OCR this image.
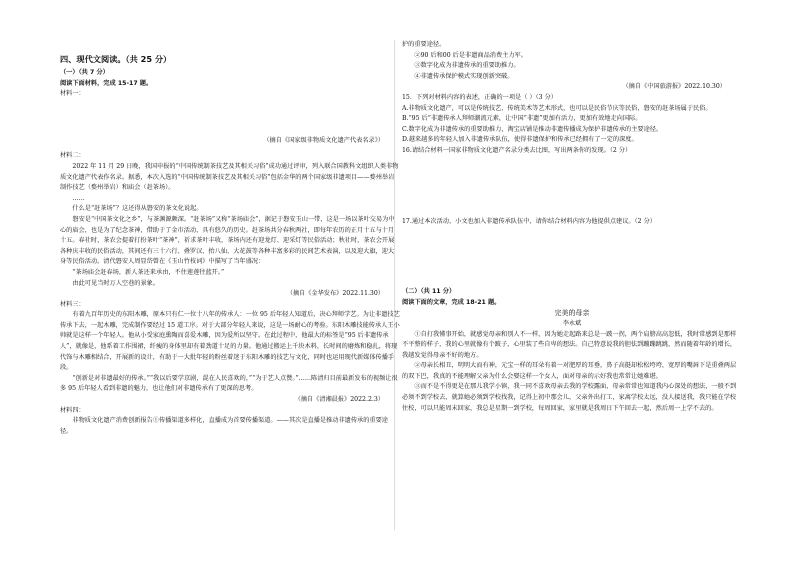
四、现代文阅读。（共 25 分）

（一）（共 7 分）

阅读下面材料，完成 15-17 题。

材料一：

（摘自《国家级非物质文化遗产代表名录》）

材料二：

2022 年 11 月 29 日晚，我国申报的“中国传统制茶技艺及其相关习俗”成功通过评审，列入联合国教科文组织人类非物质文化遗产代表作名录。据悉，本次入选的“中国传统制茶技艺及其相关习俗”包括金华的两个国家级非遗项目——婺州举岩制作技艺（婺州举岩）和庙会（赶茶场）。

……

什么是“赶茶场”？这还得从磐安的茶文化说起。

磐安是“中国茶文化之乡”，与茶渊源颇深。“赶茶场”又称“茶场庙会”，据记于磐安玉山一带，这是一场以茶叶交易为中心的庙会，也是为了纪念茶神，借助于了金市活动，具有悠久的历史。赶茶场共分春秋两社，即每年农历的正月十五与十月十五。春社时，茶农会提着打扮茶叶“茶神”，祈求茶叶丰收，茶场内还有迎龙灯、迎采灯等民俗活动；秋社时，茶农会开展各种庆丰收的民俗活动，其间还有三十六行、叠罗汉、抬八仙、大花鼓等各种丰富多彩的民间艺术表演，以及迎大旗，迎大身等民俗活动。清代磐安人周显岱曾在《玉山竹枝词》中描写了当年盛况：

“茶场庙会赶春场，新人茶还来承由，不住莲莲往蓝开。”

由此可见当时万人空巷的景象。

（摘自《金华发布》2022.11.30）

材料三：

有着九百年历史的东阳木雕，原本只有仁一位十八年的传承人：一位 95 后年轻人知道后，决心拜师学艺。为让非遗技艺传承下去，一起木雕，完成制作要经过 15 道工序。对于大部分年轻人来说，这是一场耐心的考验。东阳木雕技能传承人王小帅就是这样一个年轻人。他从小受家庭熏陶而喜爱木雕，因为爱所以坚守。在此过程中，他最大的标签是“95 后非遗传承人”，就像是，他系着工作围裙，纤瘦的身体里却有着劲道十足的力量。他通过搬运上千块木料，长时间的磨炼和稳扎，将现代饰与木雕相结合，开展新的设计，有助于一大批年轻的粉丝着迷于东阳木雕的技艺与文化，同时也运用现代新媒体传播手段。

“创新是对非遗最好的传承。”“我以后要学京剧，混在人民喜欢的，”“为于艺人点赞。”……陈清归目前最新发布的视频让很多 95 后年轻人看到非遗的魅力，也让他们对非遗传承有了更深的思考。

（摘自《清湘晨报》2022.2.3）

材料四：

非物质文化遗产消费创新报告①传播渠道多样化，直播成为首要传播渠道。——其次是直播是推动非遗传承的重要途径。

护的重要途径。

②90 后和00 后是非遗商品消费主力军。

③数字化成为非遗传承的重要助推力。

④非遗传承保护模式实现创新突破。

（摘自《中国旅游报》2022.10.30）

15．下列对材料内容的表述，正确的一项是（ ）（3 分）

A.非物质文化遗产，可以是传统技艺、传统美术等艺术形式，也可以是民俗节庆等民俗，磐安的赶茶场属于民俗。

B.“95 后”非遗传承人拜师潮流元素，让中国“非遗”更加有活力，更加有效地走向国际。

C.数字化成为非遗传承的重要助推力，淘宝店铺是推动非遗传播成为保护非遗传承的主要途径。

D.越来越多的年轻人加入非遗传承队伍，使得非遗保护和传承已经拥有了一定的深度。

16.请结合材料一国家非物质文化遗产名录分类去比图，写出两条你的发现。（2 分）

17.通过本次活动，小文也加入非遗传承队伍中，请你结合材料内容为他提供点建议。（2 分）

（二）（共 11 分）

阅读下面的文章，完成 18-21 题。

完美的母亲

李永斌

①自打我懂事开始，就感觉母亲和别人不一样，因为她走起路来总是一跛一拐，两个肩膀高高忽低，我时常感到是那样不平整的样子，我的心里就像有个跛子，心里装了些自卑的想法。自己特意说我的胆怯到蹦蹦跳跳，然而随着年龄的增长，我越发觉得母亲不好的地方。

②母亲长相丑，明明大而有神，元宝一样的耳朵有着一对肥厚的耳垂，鼻子高挺却松松垮垮，宽厚的嘴唇下是重叠两层的双下巴，我真的不能理解父亲为什么会娶这样一个女人，面对母亲的示好我也常常让她难堪。

③而不是不得更是在那儿我学小镇，我一同不喜欢母亲去我的学校露面，母亲常常也知道我内心深处的想法，一般不到必须不到学校去，就算她必须到学校找我，记得上初中那会儿，父亲外出打工，家离学校太远，没人接送我，我只能在学校住校，可以只能周末回家，我总是星期一到学校，每周回家，家里就是我周日下午回去一起，然后周一上学不去的。
